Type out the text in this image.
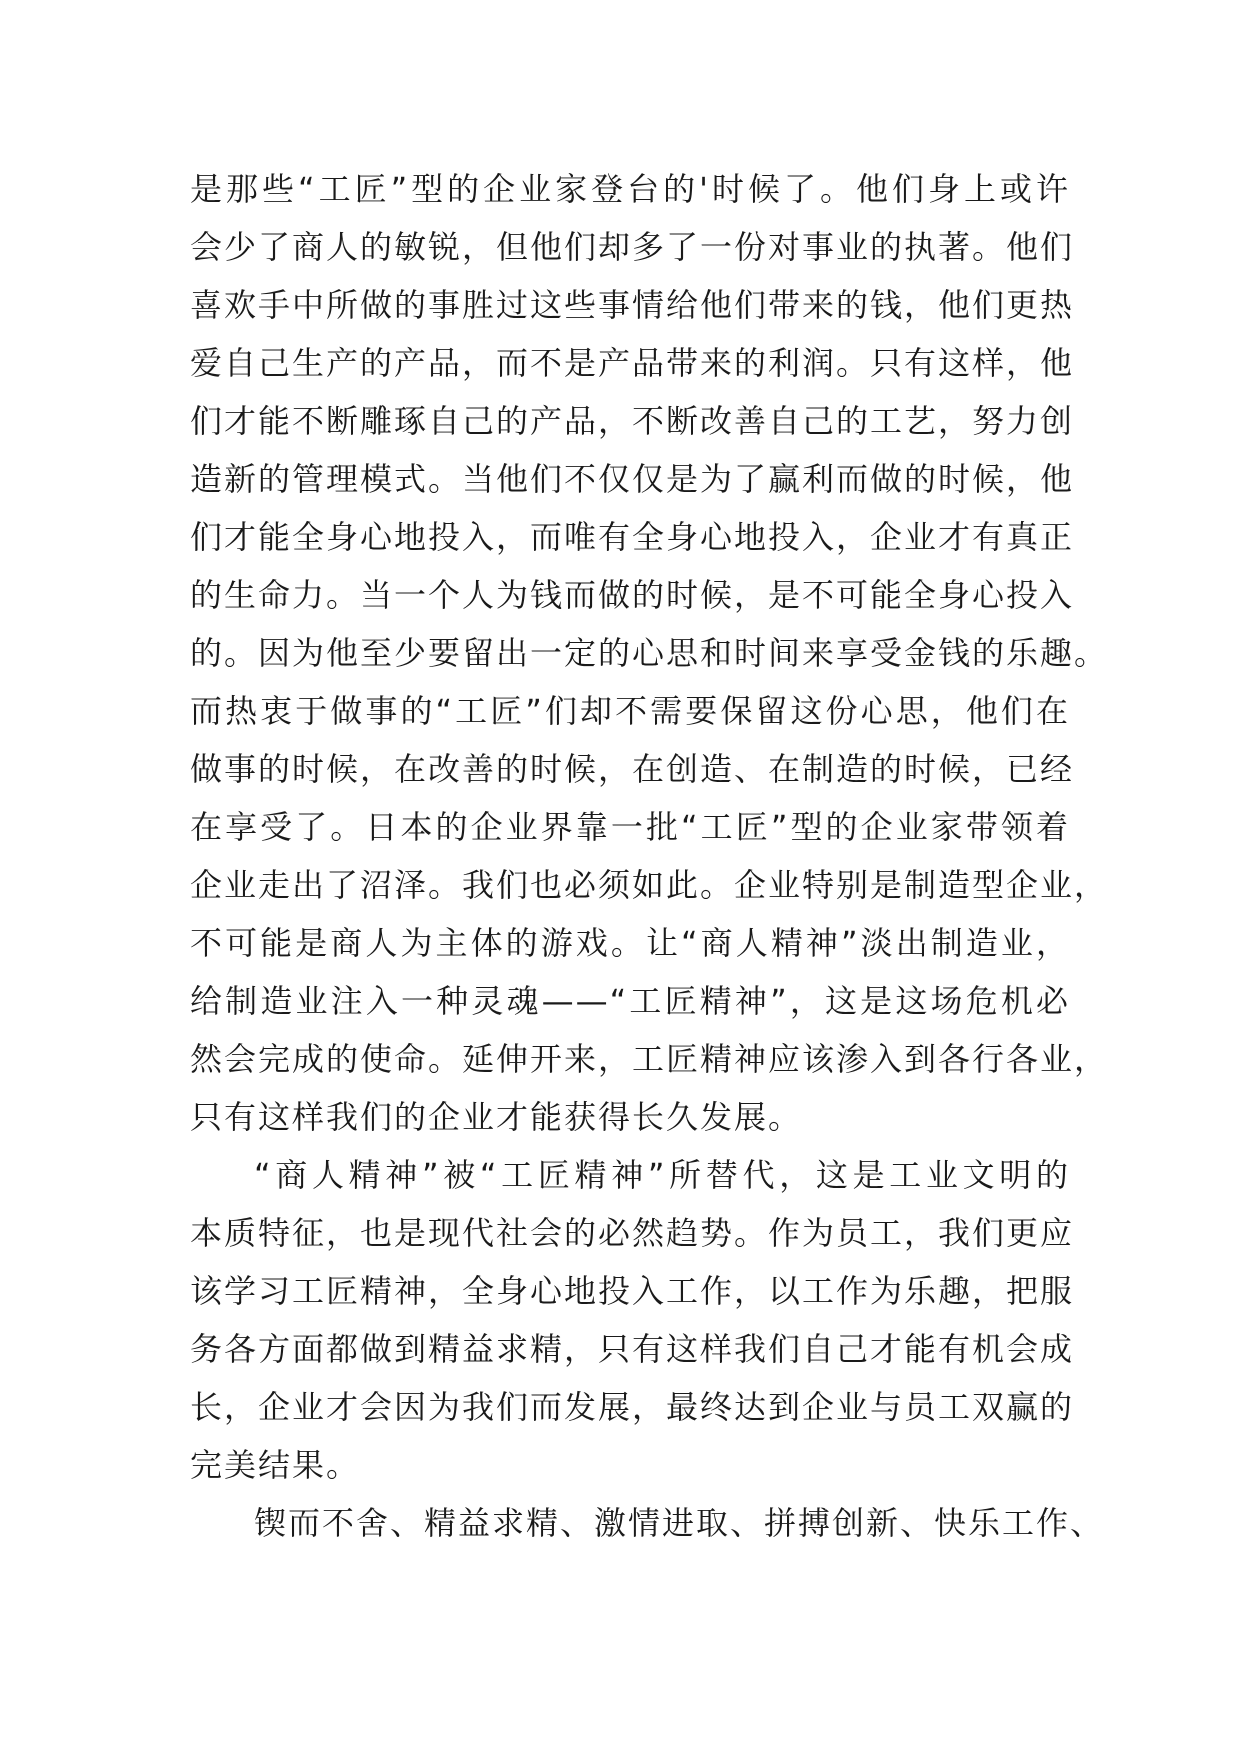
是那些“工匠”型的企业家登台的'时候了。他们身上或许
会少了商人的敏锐，但他们却多了一份对事业的执著。他们
喜欢手中所做的事胜过这些事情给他们带来的钱，他们更热
爱自己生产的产品，而不是产品带来的利润。只有这样，他
们才能不断雕琢自己的产品，不断改善自己的工艺，努力创
造新的管理模式。当他们不仅仅是为了赢利而做的时候，他
们才能全身心地投入，而唯有全身心地投入，企业才有真正
的生命力。当一个人为钱而做的时候，是不可能全身心投入
的。因为他至少要留出一定的心思和时间来享受金钱的乐趣。
而热衷于做事的“工匠”们却不需要保留这份心思，他们在
做事的时候，在改善的时候，在创造、在制造的时候，已经
在享受了。日本的企业界靠一批“工匠”型的企业家带领着
企业走出了沼泽。我们也必须如此。企业特别是制造型企业，
不可能是商人为主体的游戏。让“商人精神”淡出制造业，
给制造业注入一种灵魂——“工匠精神”，这是这场危机必
然会完成的使命。延伸开来，工匠精神应该渗入到各行各业，
只有这样我们的企业才能获得长久发展。
“商人精神”被“工匠精神”所替代，这是工业文明的
本质特征，也是现代社会的必然趋势。作为员工，我们更应
该学习工匠精神，全身心地投入工作，以工作为乐趣，把服
务各方面都做到精益求精，只有这样我们自己才能有机会成
长，企业才会因为我们而发展，最终达到企业与员工双赢的
完美结果。
锲而不舍、精益求精、激情进取、拼搏创新、快乐工作、
